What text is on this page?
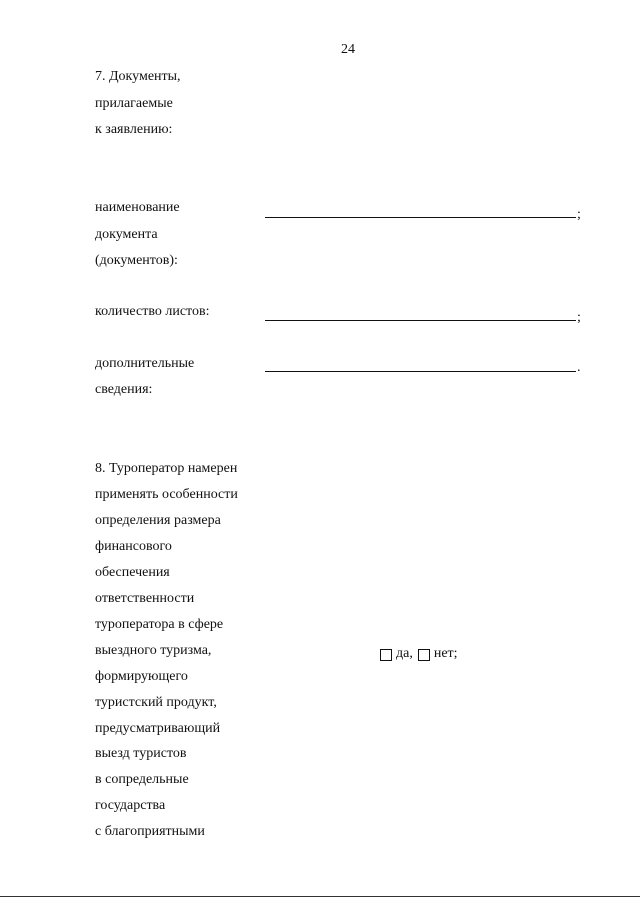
24
7. Документы,
прилагаемые
к заявлению:
наименование
документа
(документов):
;
количество листов:	;
дополнительные
сведения:
.
8. Туроператор намерен
применять особенности
определения размера
финансового
обеспечения
ответственности
туроператора в сфере
выездного туризма,
формирующего
туристский продукт,
предусматривающий
выезд туристов
в сопредельные
государства
с благоприятными
да, нет;
